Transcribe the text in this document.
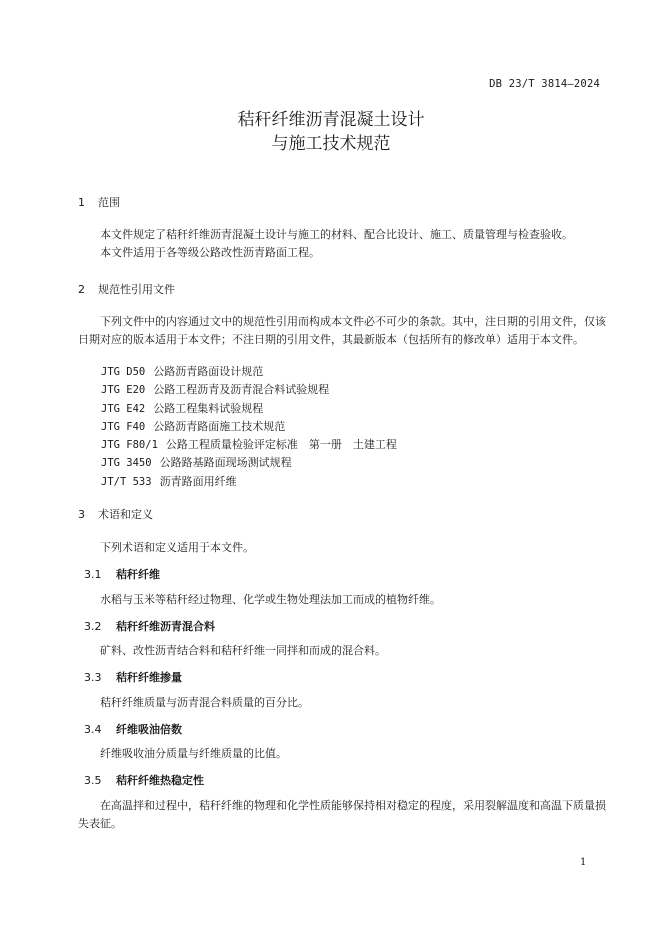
DB 23/T 3814—2024
秸秆纤维沥青混凝土设计
与施工技术规范
1 范围
本文件规定了秸秆纤维沥青混凝土设计与施工的材料、配合比设计、施工、质量管理与检查验收。
本文件适用于各等级公路改性沥青路面工程。
2 规范性引用文件
下列文件中的内容通过文中的规范性引用而构成本文件必不可少的条款。其中，注日期的引用文件，仅该日期对应的版本适用于本文件；不注日期的引用文件，其最新版本（包括所有的修改单）适用于本文件。
JTG D50 公路沥青路面设计规范
JTG E20 公路工程沥青及沥青混合料试验规程
JTG E42 公路工程集料试验规程
JTG F40 公路沥青路面施工技术规范
JTG F80/1 公路工程质量检验评定标准　第一册　土建工程
JTG 3450 公路路基路面现场测试规程
JT/T 533 沥青路面用纤维
3 术语和定义
下列术语和定义适用于本文件。
3.1 秸秆纤维
水稻与玉米等秸秆经过物理、化学或生物处理法加工而成的植物纤维。
3.2 秸秆纤维沥青混合料
矿料、改性沥青结合料和秸秆纤维一同拌和而成的混合料。
3.3 秸秆纤维掺量
秸秆纤维质量与沥青混合料质量的百分比。
3.4 纤维吸油倍数
纤维吸收油分质量与纤维质量的比值。
3.5 秸秆纤维热稳定性
在高温拌和过程中，秸秆纤维的物理和化学性质能够保持相对稳定的程度，采用裂解温度和高温下质量损失表征。
1
